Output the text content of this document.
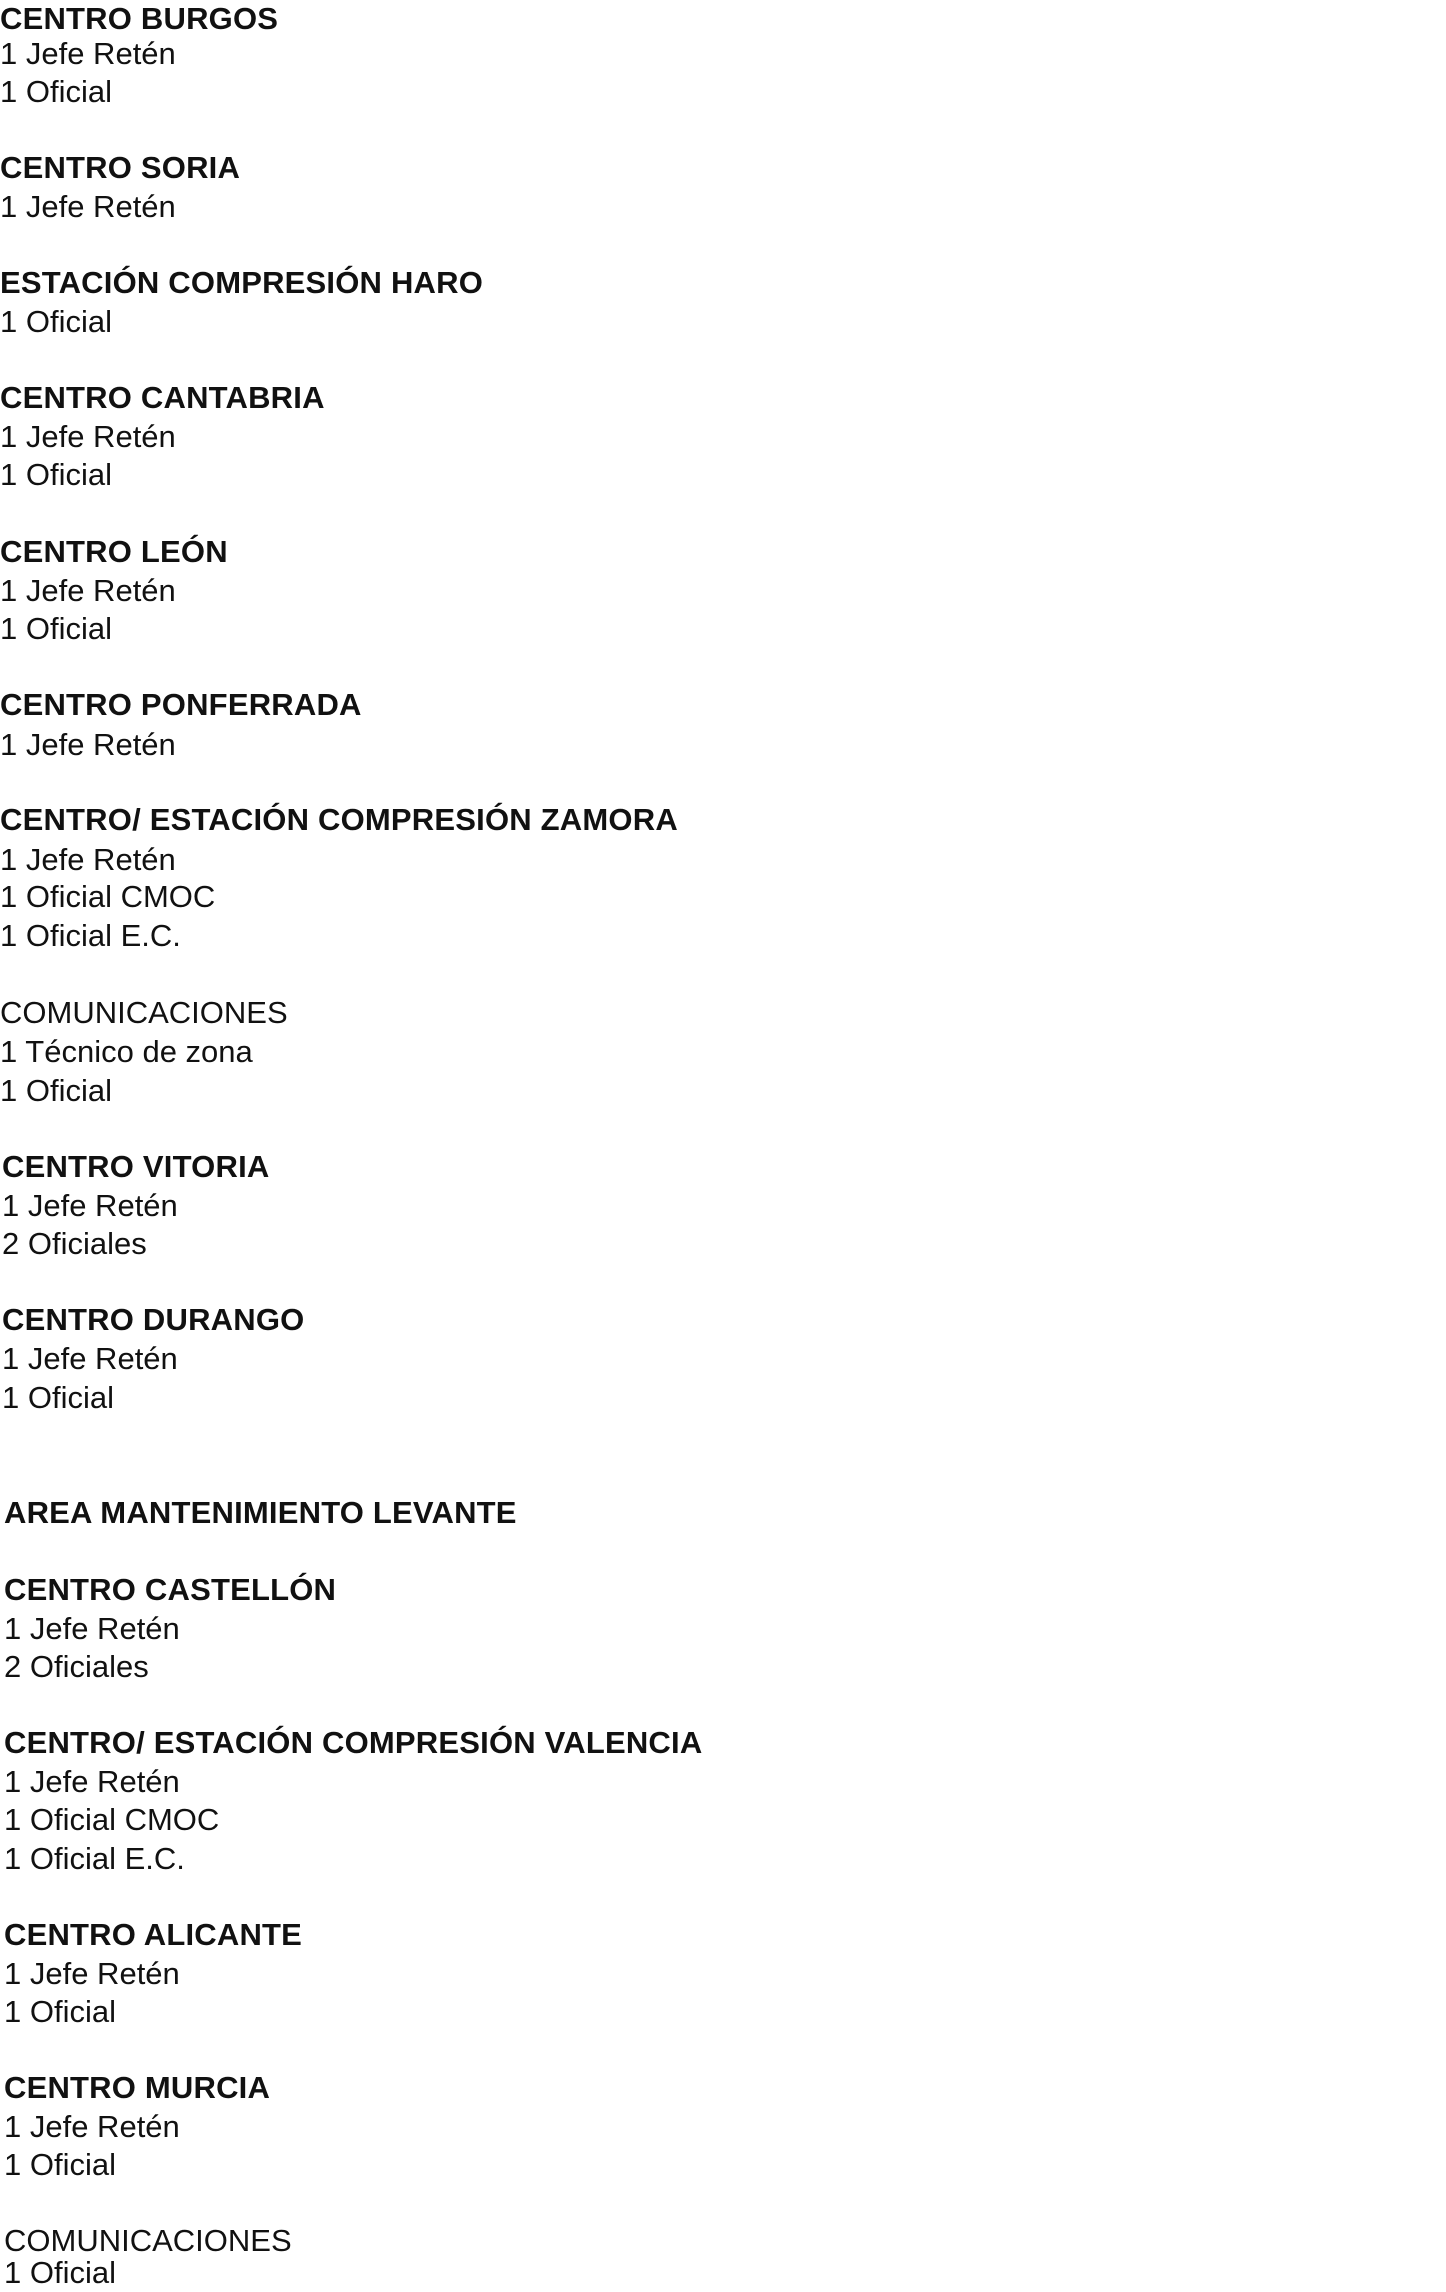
CENTRO BURGOS
1 Jefe Retén
1 Oficial
CENTRO SORIA
1 Jefe Retén
ESTACIÓN COMPRESIÓN HARO
1 Oficial
CENTRO CANTABRIA
1 Jefe Retén
1 Oficial
CENTRO LEÓN
1 Jefe Retén
1 Oficial
CENTRO PONFERRADA
1 Jefe Retén
CENTRO/ ESTACIÓN COMPRESIÓN ZAMORA
1 Jefe Retén
1 Oficial CMOC
1 Oficial E.C.
COMUNICACIONES
1 Técnico de zona
1 Oficial
CENTRO VITORIA
1 Jefe Retén
2 Oficiales
CENTRO DURANGO
1 Jefe Retén
1 Oficial
AREA MANTENIMIENTO LEVANTE
CENTRO CASTELLÓN
1 Jefe Retén
2 Oficiales
CENTRO/ ESTACIÓN COMPRESIÓN VALENCIA
1 Jefe Retén
1 Oficial CMOC
1 Oficial E.C.
CENTRO ALICANTE
1 Jefe Retén
1 Oficial
CENTRO MURCIA
1 Jefe Retén
1 Oficial
COMUNICACIONES
1 Oficial
